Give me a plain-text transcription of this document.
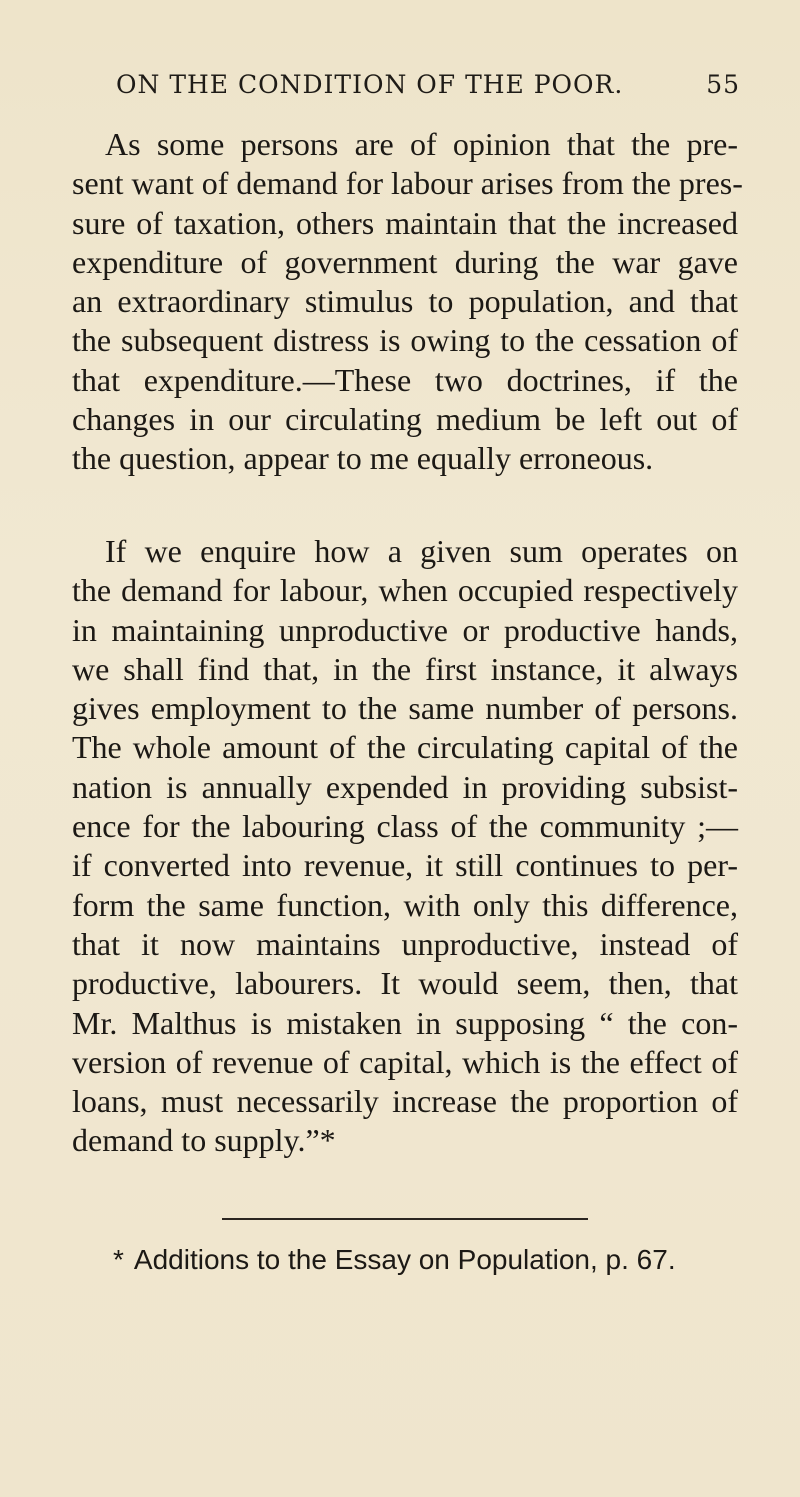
ON THE CONDITION OF THE POOR.	55
As some persons are of opinion that the pre-
sent want of demand for labour arises from the pres-
sure of taxation, others maintain that the increased
expenditure of government during the war gave
an extraordinary stimulus to population, and that
the subsequent distress is owing to the cessation of
that expenditure.—These two doctrines, if the
changes in our circulating medium be left out of
the question, appear to me equally erroneous.
If we enquire how a given sum operates on
the demand for labour, when occupied respectively
in maintaining unproductive or productive hands,
we shall find that, in the first instance, it always
gives employment to the same number of persons.
The whole amount of the circulating capital of the
nation is annually expended in providing subsist-
ence for the labouring class of the community ;—
if converted into revenue, it still continues to per-
form the same function, with only this difference,
that it now maintains unproductive, instead of
productive, labourers. It would seem, then, that
Mr. Malthus is mistaken in supposing “ the con-
version of revenue of capital, which is the effect of
loans, must necessarily increase the proportion of
demand to supply.”*
* Additions to the Essay on Population, p. 67.
